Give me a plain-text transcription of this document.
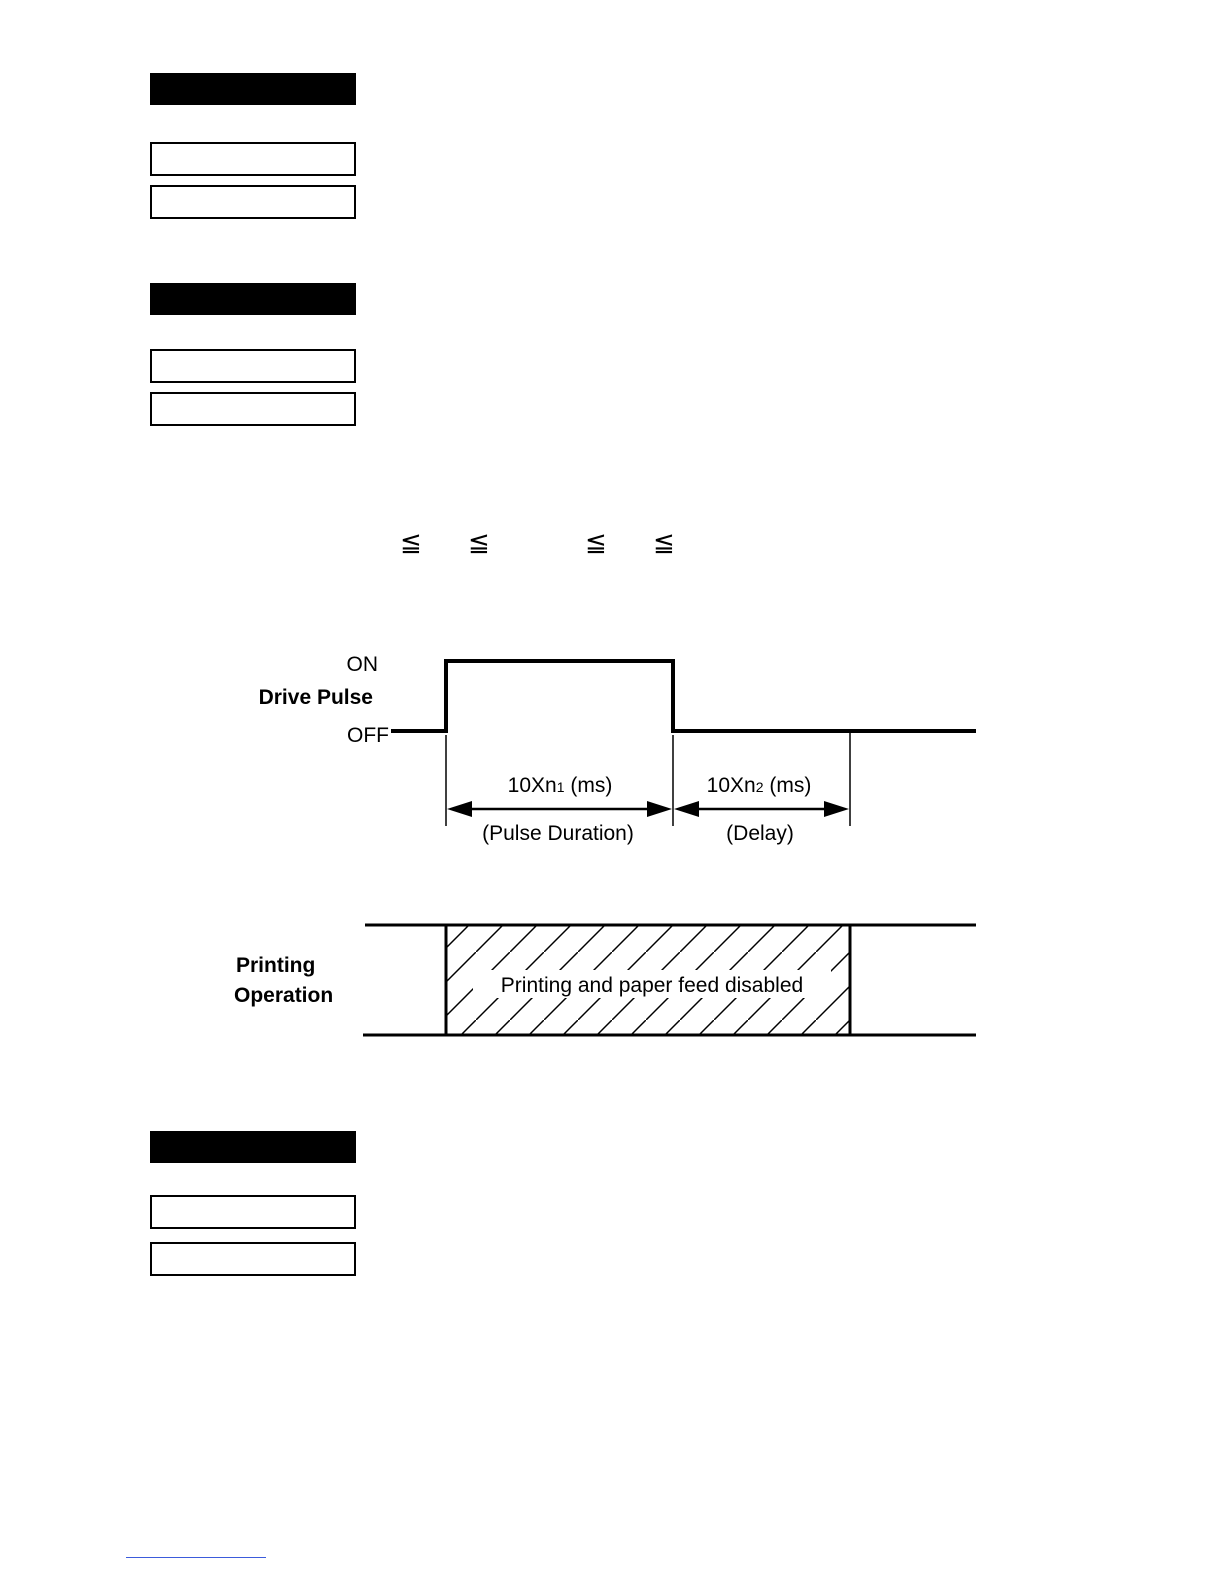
≦ ≦	≦ ≦
ON
Drive Pulse
OFF
10Xn1 (ms)
(Pulse Duration)
10Xn2 (ms)
(Delay)
Printing
Operation	Printing and paper feed disabled
